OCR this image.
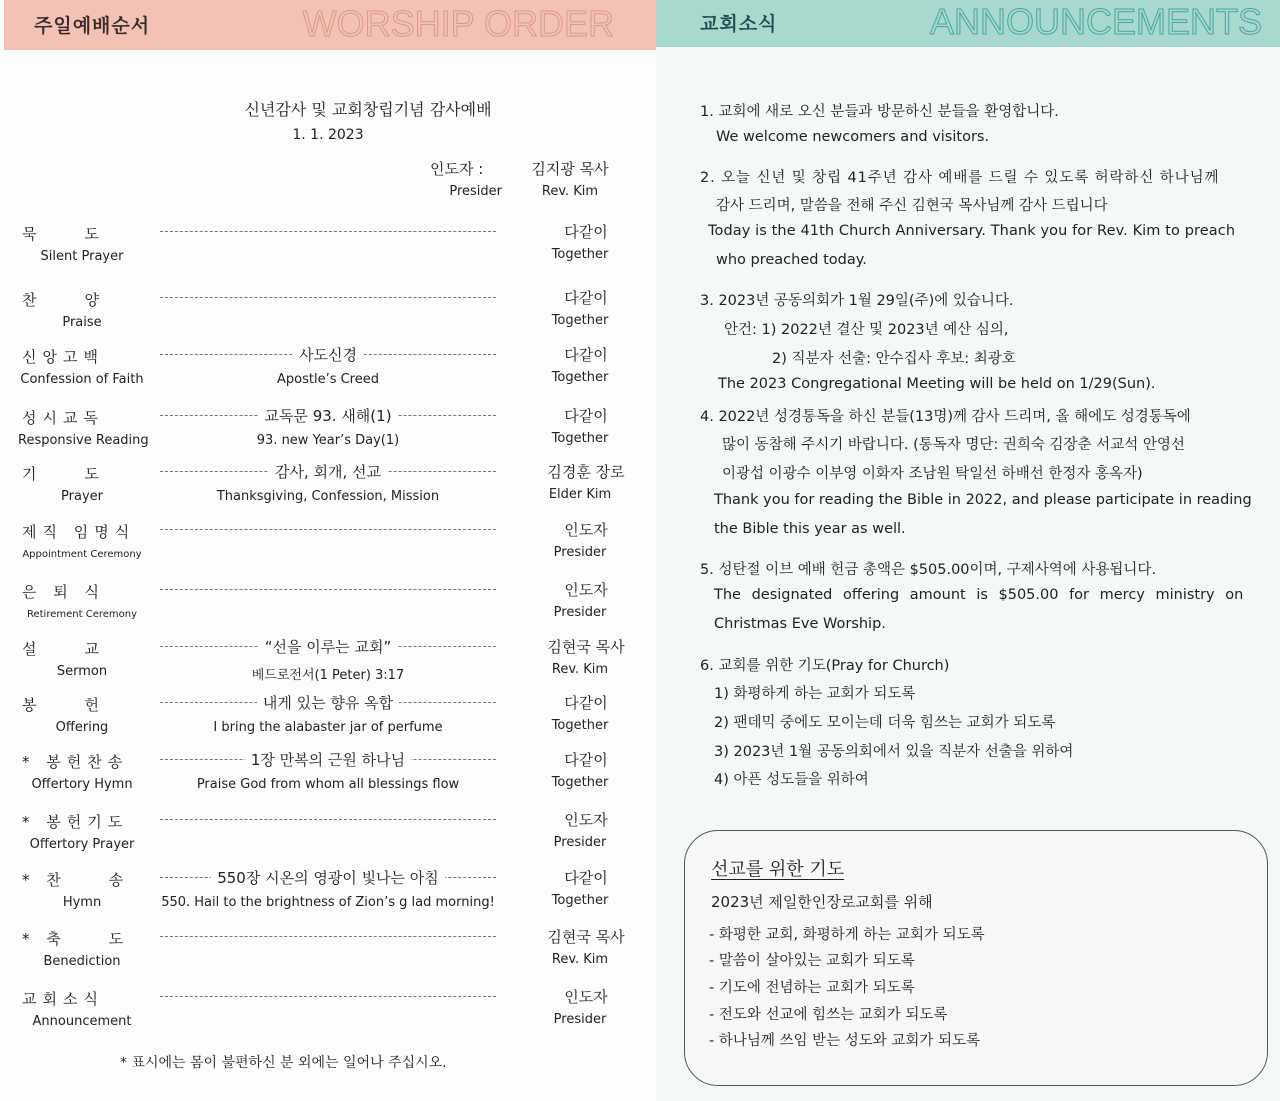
주일예배순서	WORSHIP ORDER
신년감사 및 교회창립기념 감사예배
1. 1. 2023
인도자 :
Presider
김지광 목사
Rev. Kim
묵　　도
Silent Prayer
다같이
Together
찬　　양
Praise
다같이
Together
신앙고백
Confession of Faith
사도신경
Apostle’s Creed
다같이
Together
성시교독
Responsive Reading
교독문 93. 새해(1)
93. new Year’s Day(1)
다같이
Together
기　　도
Prayer
감사, 회개, 선교
Thanksgiving, Confession, Mission
김경훈 장로
Elder Kim
제직 임명식
Appointment Ceremony
인도자
Presider
은 퇴 식
Retirement Ceremony
인도자
Presider
설　　교
Sermon
“선을 이루는 교회”
베드로전서(1 Peter) 3:17
김현국 목사
Rev. Kim
봉　　헌
Offering
내게 있는 향유 옥합
I bring the alabaster jar of perfume
다같이
Together
* 봉헌찬송
Offertory Hymn
1장 만복의 근원 하나님
Praise God from whom all blessings flow
다같이
Together
* 봉헌기도
Offertory Prayer
인도자
Presider
* 찬　　송
Hymn
550장 시온의 영광이 빛나는 아침
550. Hail to the brightness of Zion’s g lad morning!
다같이
Together
* 축　　도
Benediction
김현국 목사
Rev. Kim
교회소식
Announcement
인도자
Presider
* 표시에는 몸이 불편하신 분 외에는 일어나 주십시오.
교회소식	ANNOUNCEMENTS
1. 교회에 새로 오신 분들과 방문하신 분들을 환영합니다.
We welcome newcomers and visitors.
2. 오늘 신년 및 창립 41주년 감사 예배를 드릴 수 있도록 허락하신 하나님께
감사 드리며, 말씀을 전해 주신 김현국 목사님께 감사 드립니다
Today is the 41th Church Anniversary. Thank you for Rev. Kim to preach
who preached today.
3. 2023년 공동의회가 1월 29일(주)에 있습니다.
안건: 1) 2022년 결산 및 2023년 예산 심의,
2) 직분자 선출: 안수집사 후보: 최광호
The 2023 Congregational Meeting will be held on 1/29(Sun).
4. 2022년 성경통독을 하신 분들(13명)께 감사 드리며, 올 해에도 성경통독에
많이 동참해 주시기 바랍니다. (통독자 명단: 권희숙 김장춘 서교석 안영선
이광섭 이광수 이부영 이화자 조남원 탁일선 하배선 한정자 홍옥자)
Thank you for reading the Bible in 2022, and please participate in reading
the Bible this year as well.
5. 성탄절 이브 예배 헌금 총액은 $505.00이며, 구제사역에 사용됩니다.
The designated offering amount is $505.00 for mercy ministry on
Christmas Eve Worship.
6. 교회를 위한 기도(Pray for Church)
1) 화평하게 하는 교회가 되도록
2) 팬데믹 중에도 모이는데 더욱 힘쓰는 교회가 되도록
3) 2023년 1월 공동의회에서 있을 직분자 선출을 위하여
4) 아픈 성도들을 위하여
선교를 위한 기도
2023년 제일한인장로교회를 위해
- 화평한 교회, 화평하게 하는 교회가 되도록
- 말씀이 살아있는 교회가 되도록
- 기도에 전념하는 교회가 되도록
- 전도와 선교에 힘쓰는 교회가 되도록
- 하나님께 쓰임 받는 성도와 교회가 되도록
